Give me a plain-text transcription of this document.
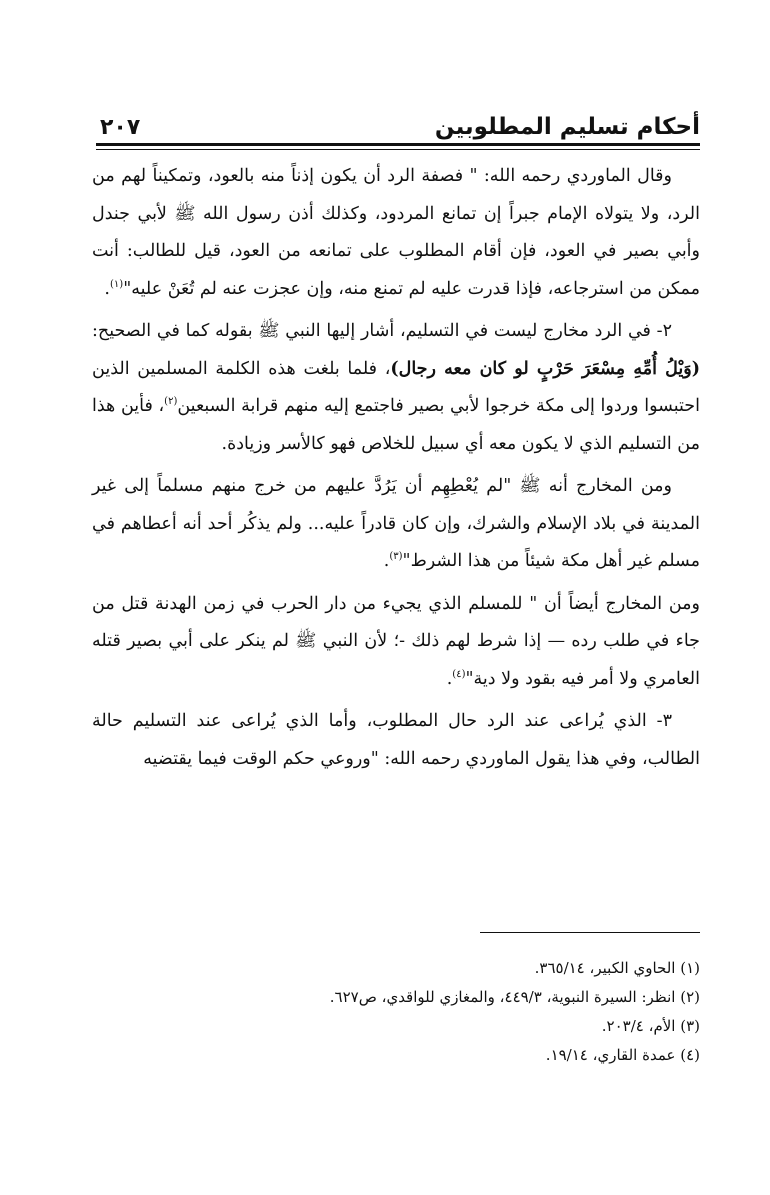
أحكام تسليم المطلوبين
٢٠٧

وقال الماوردي رحمه الله: " فصفة الرد أن يكون إذناً منه بالعود، وتمكيناً لهم من الرد، ولا يتولاه الإمام جبراً إن تمانع المردود، وكذلك أذن رسول الله ﷺ لأبي جندل وأبي بصير في العود، فإن أقام المطلوب على تمانعه من العود، قيل للطالب: أنت ممكن من استرجاعه، فإذا قدرت عليه لم تمنع منه، وإن عجزت عنه لم تُعَنْ عليه"$^{(١)}$.

٢- في الرد مخارج ليست في التسليم، أشار إليها النبي ﷺ بقوله كما في الصحيح: (وَيْلُ أُمِّهِ مِسْعَرَ حَرْبٍ لو كان معه رجال)، فلما بلغت هذه الكلمة المسلمين الذين احتبسوا وردوا إلى مكة خرجوا لأبي بصير فاجتمع إليه منهم قرابة السبعين$^{(٢)}$، فأين هذا من التسليم الذي لا يكون معه أي سبيل للخلاص فهو كالأسر وزيادة.

ومن المخارج أنه ﷺ "لم يُعْطِهِم أن يَرُدَّ عليهم من خرج منهم مسلماً إلى غير المدينة في بلاد الإسلام والشرك، وإن كان قادراً عليه... ولم يذكُر أحد أنه أعطاهم في مسلم غير أهل مكة شيئاً من هذا الشرط"$^{(٣)}$.

ومن المخارج أيضاً أن " للمسلم الذي يجيء من دار الحرب في زمن الهدنة قتل من جاء في طلب رده — إذا شرط لهم ذلك -؛ لأن النبي ﷺ لم ينكر على أبي بصير قتله العامري ولا أمر فيه بقود ولا دية"$^{(٤)}$.

٣- الذي يُراعى عند الرد حال المطلوب، وأما الذي يُراعى عند التسليم حالة الطالب، وفي هذا يقول الماوردي رحمه الله: "وروعي حكم الوقت فيما يقتضيه

(١) الحاوي الكبير، ٣٦٥/١٤.
(٢) انظر: السيرة النبوية، ٤٤٩/٣، والمغازي للواقدي، ص٦٢٧.
(٣) الأم، ٢٠٣/٤.
(٤) عمدة القاري، ١٩/١٤.
